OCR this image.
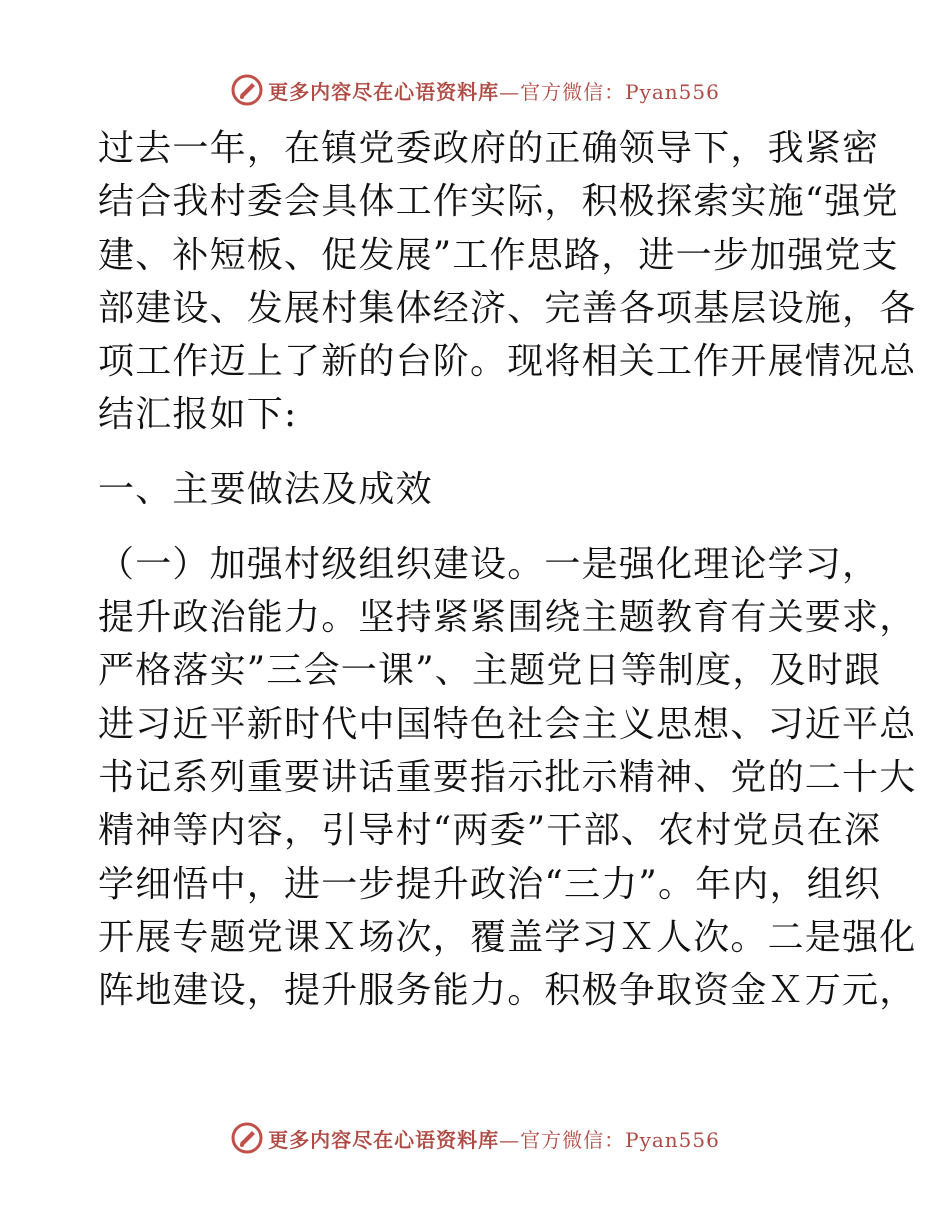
更多内容尽在心语资料库—官方微信：Pyan556
过去一年，在镇党委政府的正确领导下，我紧密
结合我村委会具体工作实际，积极探索实施“强党
建、补短板、促发展”工作思路，进一步加强党支
部建设、发展村集体经济、完善各项基层设施，各
项工作迈上了新的台阶。现将相关工作开展情况总
结汇报如下:
一、主要做法及成效
（一）加强村级组织建设。一是强化理论学习，
提升政治能力。坚持紧紧围绕主题教育有关要求，
严格落实”三会一课”、主题党日等制度，及时跟
进习近平新时代中国特色社会主义思想、习近平总
书记系列重要讲话重要指示批示精神、党的二十大
精神等内容，引导村“两委”干部、农村党员在深
学细悟中，进一步提升政治“三力”。年内，组织
开展专题党课Ｘ场次，覆盖学习Ｘ人次。二是强化
阵地建设，提升服务能力。积极争取资金Ｘ万元，
更多内容尽在心语资料库—官方微信：Pyan556
